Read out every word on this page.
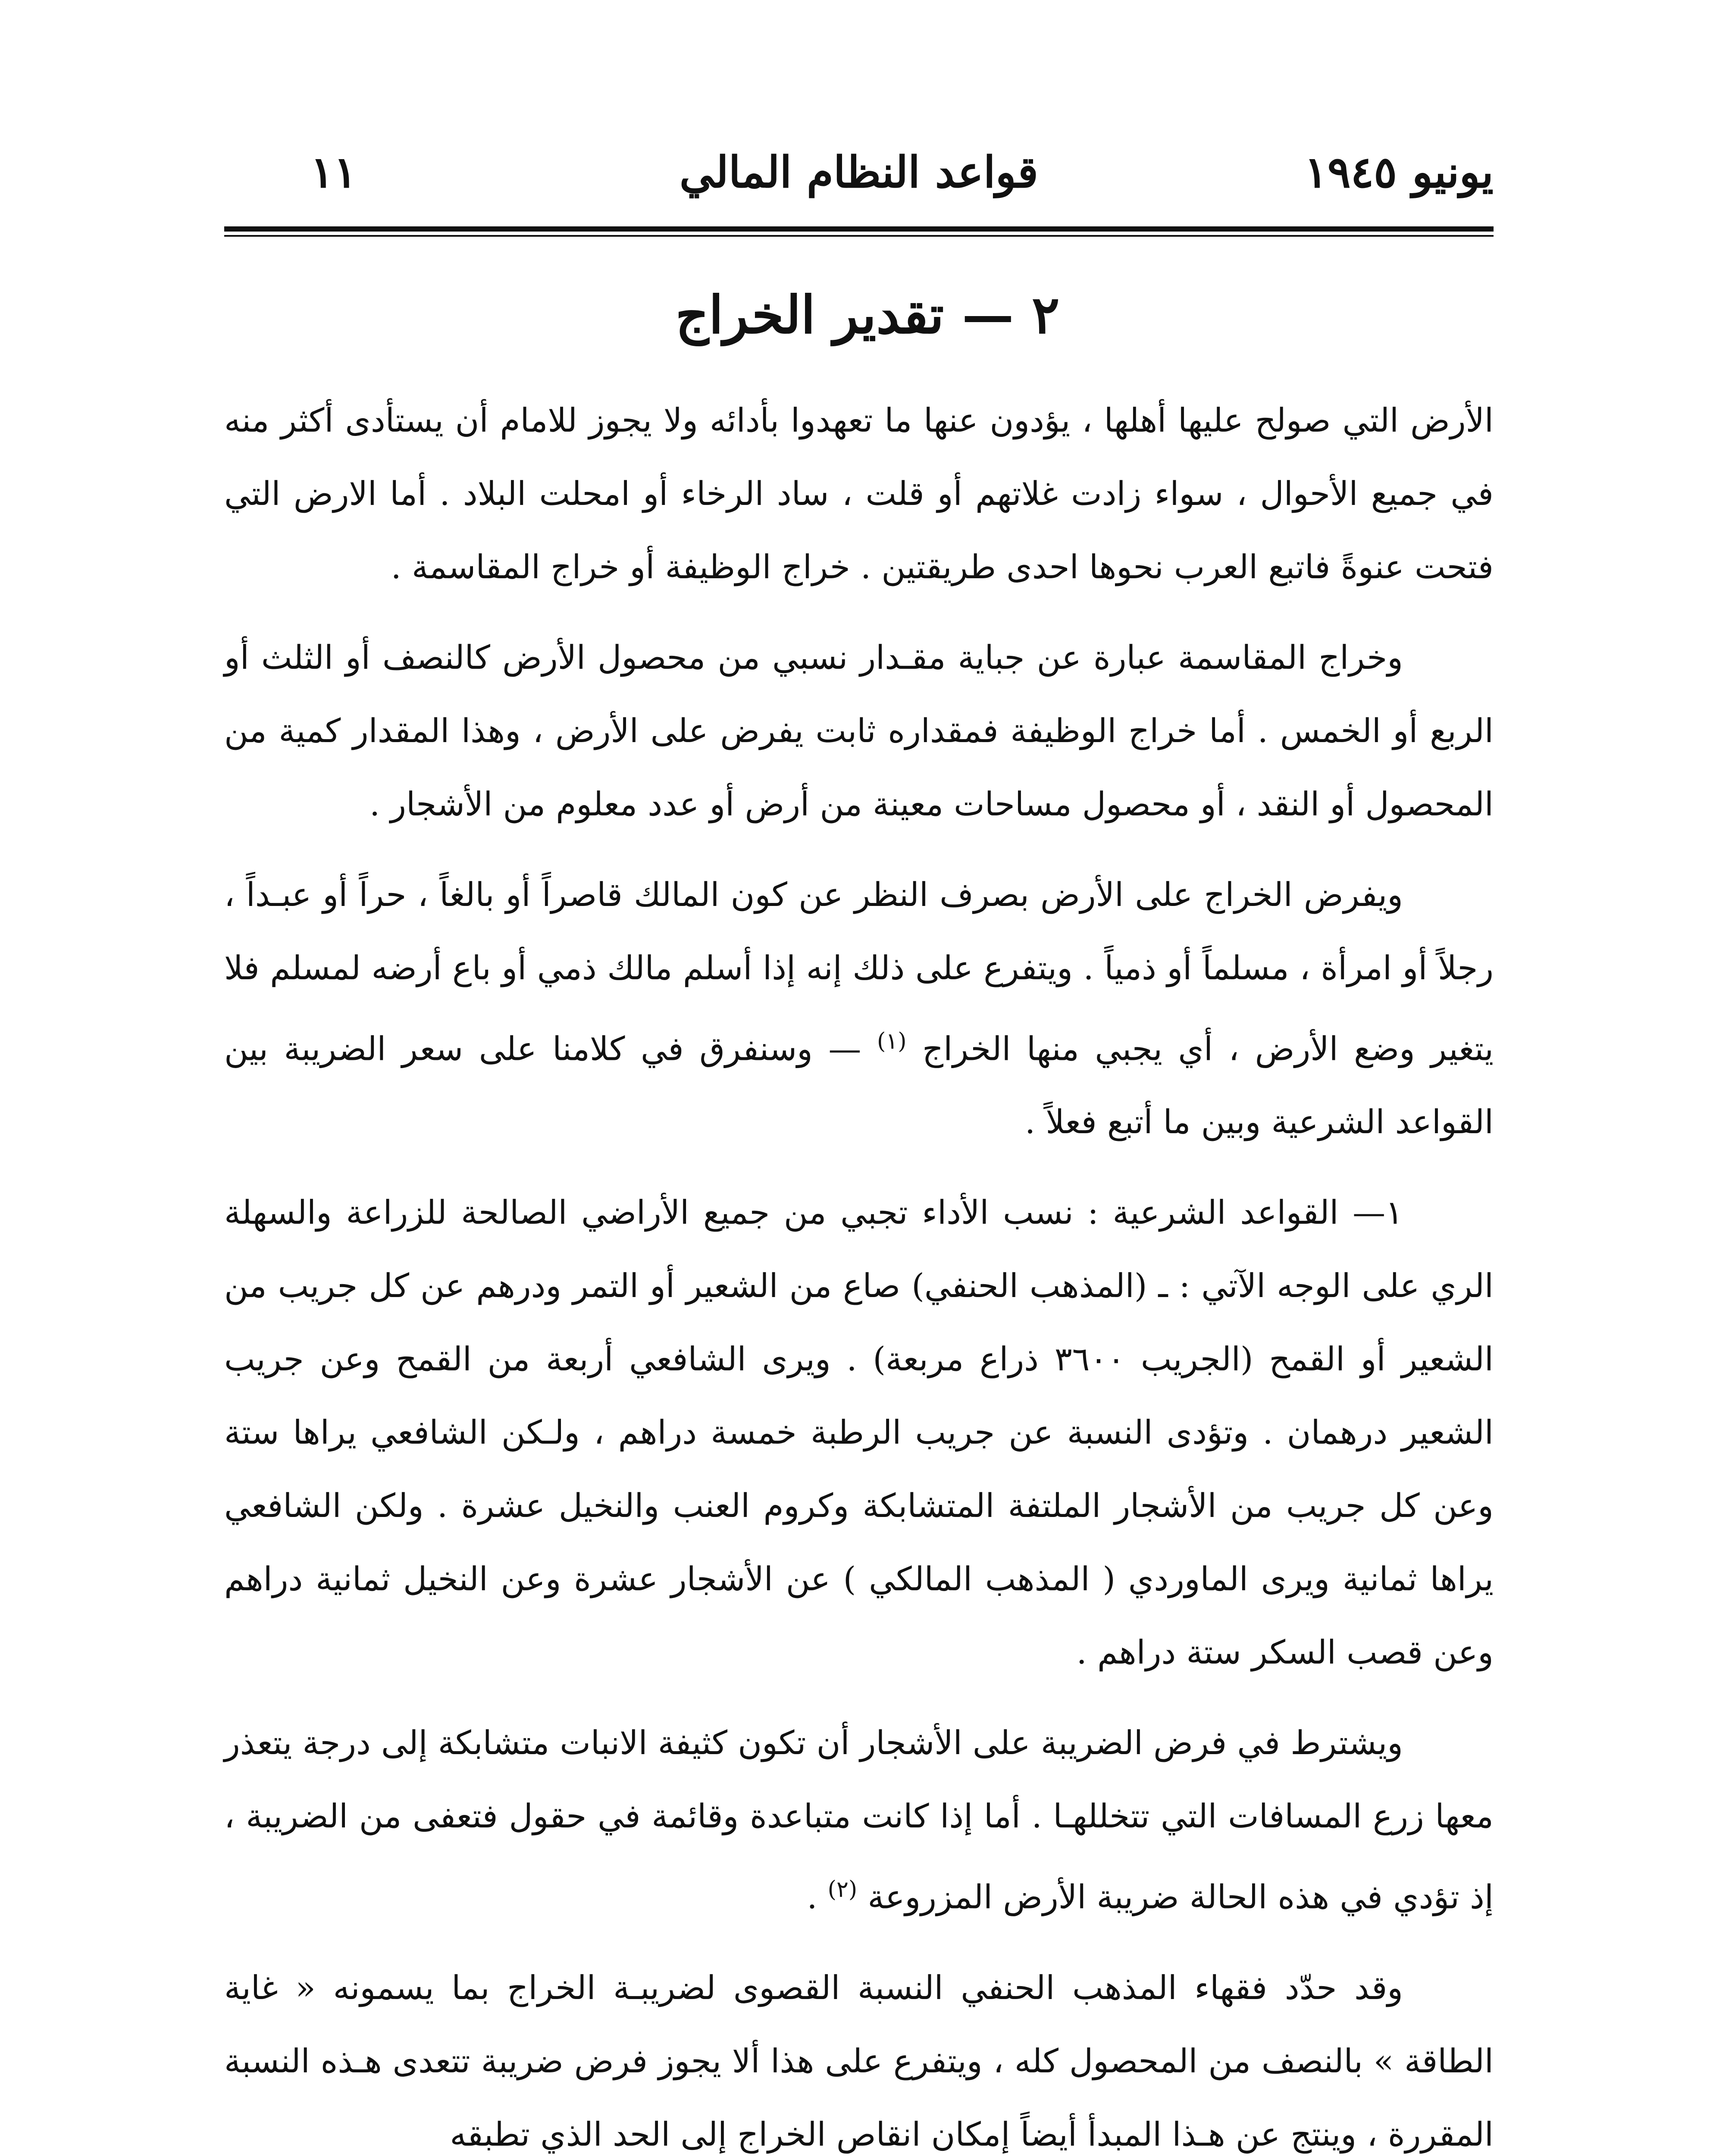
يونيو ١٩٤٥
قواعد النظام المالي
١١
٢ — تقدير الخراج

الأرض التي صولح عليها أهلها ، يؤدون عنها ما تعهدوا بأدائه ولا يجوز للامام أن يستأدى أكثر منه في جميع الأحوال ، سواء زادت غلاتهم أو قلت ، ساد الرخاء أو امحلت البلاد . أما الارض التي فتحت عنوةً فاتبع العرب نحوها احدى طريقتين . خراج الوظيفة أو خراج المقاسمة .

وخراج المقاسمة عبارة عن جباية مقـدار نسبي من محصول الأرض كالنصف أو الثلث أو الربع أو الخمس . أما خراج الوظيفة فمقداره ثابت يفرض على الأرض ، وهذا المقدار كمية من المحصول أو النقد ، أو محصول مساحات معينة من أرض أو عدد معلوم من الأشجار .

ويفرض الخراج على الأرض بصرف النظر عن كون المالك قاصراً أو بالغاً ، حراً أو عبـداً ، رجلاً أو امرأة ، مسلماً أو ذمياً . ويتفرع على ذلك إنه إذا أسلم مالك ذمي أو باع أرضه لمسلم فلا يتغير وضع الأرض ، أي يجبي منها الخراج $^{(١)}$ — وسنفرق في كلامنا على سعر الضريبة بين القواعد الشرعية وبين ما أتبع فعلاً .

١— القواعد الشرعية : نسب الأداء تجبي من جميع الأراضي الصالحة للزراعة والسهلة الري على الوجه الآتي : ـ (المذهب الحنفي) صاع من الشعير أو التمر ودرهم عن كل جريب من الشعير أو القمح (الجريب ٣٦٠٠ ذراع مربعة) . ويرى الشافعي أربعة من القمح وعن جريب الشعير درهمان . وتؤدى النسبة عن جريب الرطبة خمسة دراهم ، ولـكن الشافعي يراها ستة وعن كل جريب من الأشجار الملتفة المتشابكة وكروم العنب والنخيل عشرة . ولكن الشافعي يراها ثمانية ويرى الماوردي ( المذهب المالكي ) عن الأشجار عشرة وعن النخيل ثمانية دراهم وعن قصب السكر ستة دراهم .

ويشترط في فرض الضريبة على الأشجار أن تكون كثيفة الانبات متشابكة إلى درجة يتعذر معها زرع المسافات التي تتخللهـا . أما إذا كانت متباعدة وقائمة في حقول فتعفى من الضريبة ، إذ تؤدي في هذه الحالة ضريبة الأرض المزروعة $^{(٢)}$ .

وقد حدّد فقهاء المذهب الحنفي النسبة القصوى لضريبـة الخراج بما يسمونه « غاية الطاقة » بالنصف من المحصول كله ، ويتفرع على هذا ألا يجوز فرض ضريبة تتعدى هـذه النسبة المقررة ، وينتج عن هـذا المبدأ أيضاً إمكان انقاص الخراج إلى الحد الذي تطبقه
